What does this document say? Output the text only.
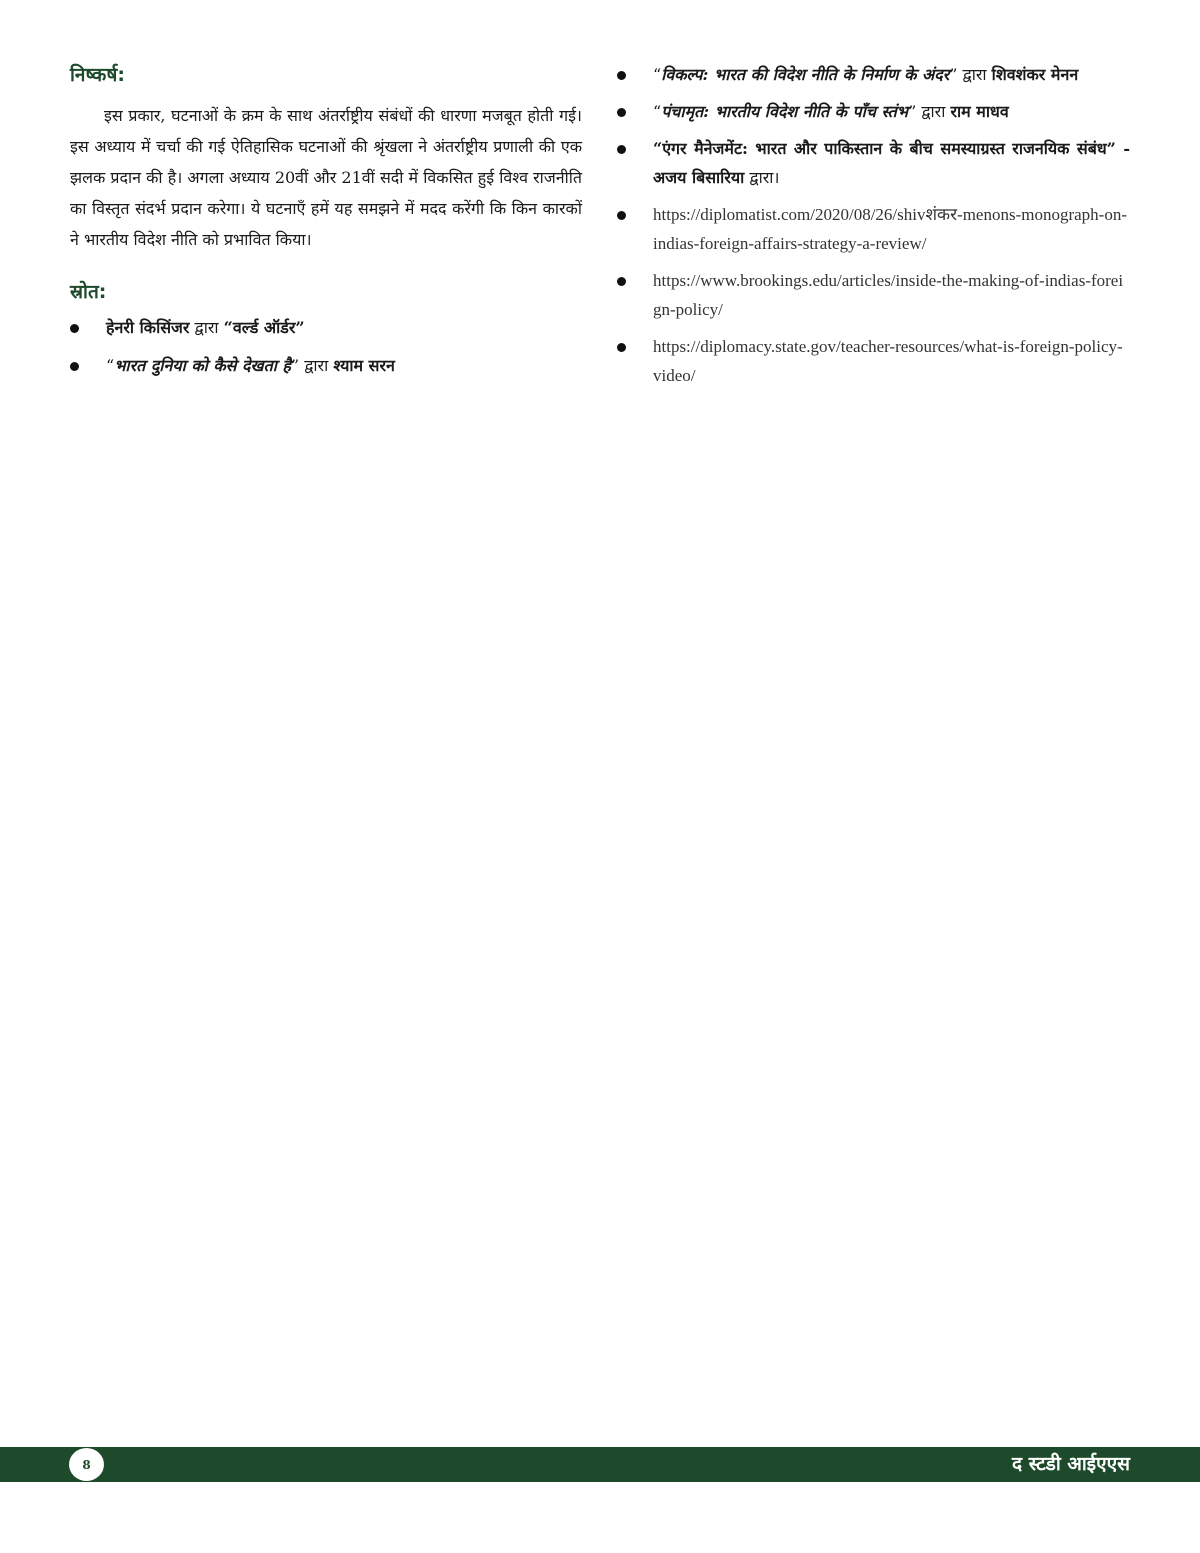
निष्कर्ष:

इस प्रकार, घटनाओं के क्रम के साथ अंतर्राष्ट्रीय संबंधों की धारणा मजबूत होती गई। इस अध्याय में चर्चा की गई ऐतिहासिक घटनाओं की श्रृंखला ने अंतर्राष्ट्रीय प्रणाली की एक झलक प्रदान की है। अगला अध्याय 20वीं और 21वीं सदी में विकसित हुई विश्व राजनीति का विस्तृत संदर्भ प्रदान करेगा। ये घटनाएँ हमें यह समझने में मदद करेंगी कि किन कारकों ने भारतीय विदेश नीति को प्रभावित किया।

स्रोत:
हेनरी किसिंजर द्वारा “वर्ल्ड ऑर्डर”
“भारत दुनिया को कैसे देखता है” द्वारा श्याम सरन
“विकल्प: भारत की विदेश नीति के निर्माण के अंदर” द्वारा शिवशंकर मेनन
“पंचामृत: भारतीय विदेश नीति के पाँच स्तंभ” द्वारा राम माधव
“एंगर मैनेजमेंट: भारत और पाकिस्तान के बीच समस्याग्रस्त राजनयिक संबंध” - अजय बिसारिया द्वारा।
https://diplomatist.com/2020/08/26/shivशंकर-menons-monograph-on-indias-foreign-affairs-strategy-a-review/
https://www.brookings.edu/articles/inside-the-making-of-indias-foreign-policy/
https://diplomacy.state.gov/teacher-resources/what-is-foreign-policy-video/
8	द स्टडी आईएएस
